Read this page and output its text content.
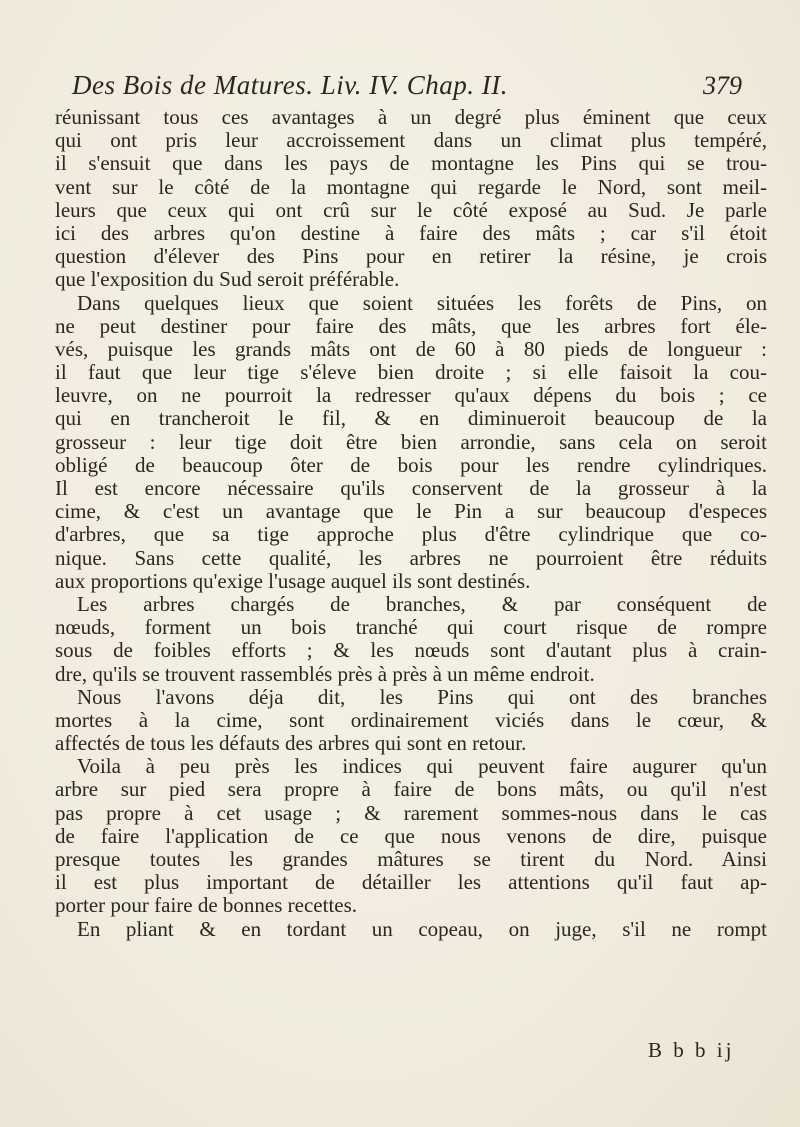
Des Bois de Matures. Liv. IV. Chap. II.	379
réunissant tous ces avantages à un degré plus éminent que ceux
qui ont pris leur accroissement dans un climat plus tempéré,
il s'ensuit que dans les pays de montagne les Pins qui se trou-
vent sur le côté de la montagne qui regarde le Nord, sont meil-
leurs que ceux qui ont crû sur le côté exposé au Sud. Je parle
ici des arbres qu'on destine à faire des mâts ; car s'il étoit
question d'élever des Pins pour en retirer la résine, je crois
que l'exposition du Sud seroit préférable.
Dans quelques lieux que soient situées les forêts de Pins, on
ne peut destiner pour faire des mâts, que les arbres fort éle-
vés, puisque les grands mâts ont de 60 à 80 pieds de longueur :
il faut que leur tige s'éleve bien droite ; si elle faisoit la cou-
leuvre, on ne pourroit la redresser qu'aux dépens du bois ; ce
qui en trancheroit le fil, & en diminueroit beaucoup de la
grosseur : leur tige doit être bien arrondie, sans cela on seroit
obligé de beaucoup ôter de bois pour les rendre cylindriques.
Il est encore nécessaire qu'ils conservent de la grosseur à la
cime, & c'est un avantage que le Pin a sur beaucoup d'especes
d'arbres, que sa tige approche plus d'être cylindrique que co-
nique. Sans cette qualité, les arbres ne pourroient être réduits
aux proportions qu'exige l'usage auquel ils sont destinés.
Les arbres chargés de branches, & par conséquent de
nœuds, forment un bois tranché qui court risque de rompre
sous de foibles efforts ; & les nœuds sont d'autant plus à crain-
dre, qu'ils se trouvent rassemblés près à près à un même endroit.
Nous l'avons déja dit, les Pins qui ont des branches
mortes à la cime, sont ordinairement viciés dans le cœur, &
affectés de tous les défauts des arbres qui sont en retour.
Voila à peu près les indices qui peuvent faire augurer qu'un
arbre sur pied sera propre à faire de bons mâts, ou qu'il n'est
pas propre à cet usage ; & rarement sommes-nous dans le cas
de faire l'application de ce que nous venons de dire, puisque
presque toutes les grandes mâtures se tirent du Nord. Ainsi
il est plus important de détailler les attentions qu'il faut ap-
porter pour faire de bonnes recettes.
En pliant & en tordant un copeau, on juge, s'il ne rompt
B b b ij
